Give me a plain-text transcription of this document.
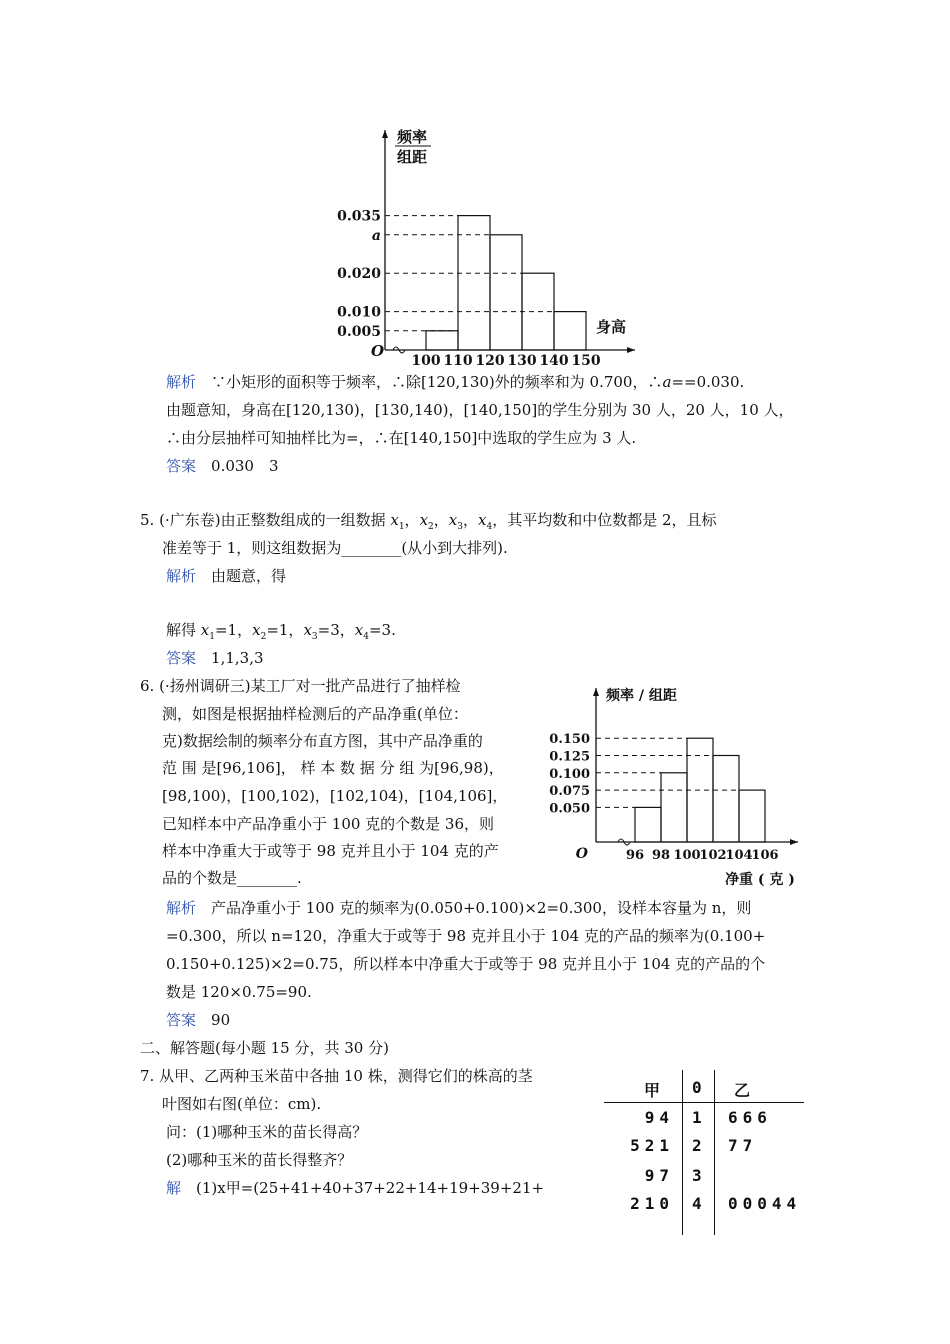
频率
组距
O
0.035
a
0.020
0.010
0.005
100 110 120 130 140 150
身高
解析　 ∵小矩形的面积等于频率，∴除[120,130)外的频率和为 0.700，∴a==0.030.
由题意知，身高在[120,130)，[130,140)，[140,150]的学生分别为 30 人，20 人，10 人，
∴由分层抽样可知抽样比为=，∴在[140,150]中选取的学生应为 3 人.
答案　 0.030　3
5. (·广东卷)由正整数组成的一组数据 $x_1$，$x_2$，$x_3$，$x_4$，其平均数和中位数都是 2，且标
准差等于 1，则这组数据为________(从小到大排列).
解析　 由题意，得
解得 $x_1=1$，$x_2=1$，$x_3=3$，$x_4=3$.
答案　 1,1,3,3
6. (·扬州调研三)某工厂对一批产品进行了抽样检
测，如图是根据抽样检测后的产品净重(单位：
克)数据绘制的频率分布直方图，其中产品净重的
范 围 是[96,106]， 样 本 数 据 分 组 为[96,98)，
[98,100)，[100,102)，[102,104)，[104,106]，
已知样本中产品净重小于 100 克的个数是 36，则
样本中净重大于或等于 98 克并且小于 104 克的产
品的个数是________.
频率 / 组距
O
0.150
0.125
0.100
0.075
0.050
96 98 100
102
104
106
净重 ( 克 )
解析　 产品净重小于 100 克的频率为(0.050+0.100)×2=0.300，设样本容量为 n，则
=0.300，所以 n=120，净重大于或等于 98 克并且小于 104 克的产品的频率为(0.100+
0.150+0.125)×2=0.75，所以样本中净重大于或等于 98 克并且小于 104 克的产品的个
数是 120×0.75=90.
答案　 90
二、解答题(每小题 15 分，共 30 分)
7. 从甲、乙两种玉米苗中各抽 10 株，测得它们的株高的茎
叶图如右图(单位：cm).
问：(1)哪种玉米的苗长得高？
(2)哪种玉米的苗长得整齐？
解　 (1)x甲=(25+41+40+37+22+14+19+39+21+
甲 0 乙
94 1 666
521 2 77
97 3
210 4 00044
